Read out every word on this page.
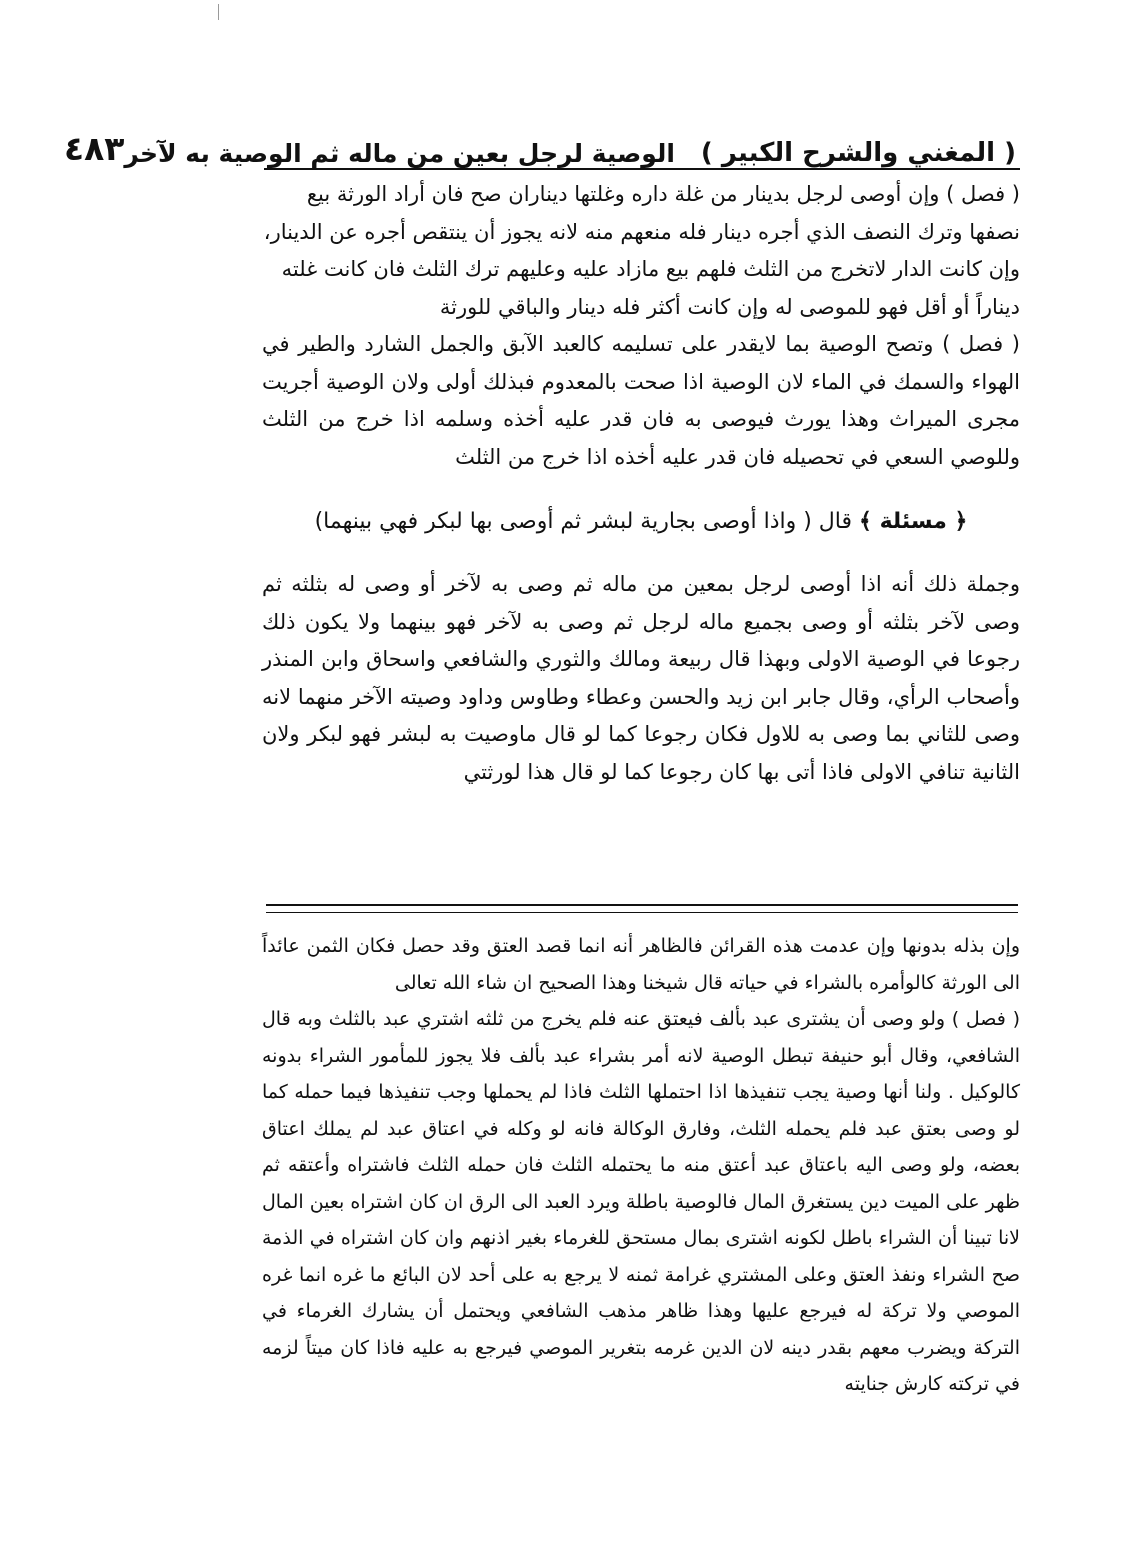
( المغني والشرح الكبير )
الوصية لرجل بعين من ماله ثم الوصية به لآخر
٤٨٣

( فصل ) وإن أوصى لرجل بدينار من غلة داره وغلتها ديناران صح فان أراد الورثة بيع نصفها وترك النصف الذي أجره دينار فله منعهم منه لانه يجوز أن ينتقص أجره عن الدينار، وإن كانت الدار لاتخرج من الثلث فلهم بيع مازاد عليه وعليهم ترك الثلث فان كانت غلته ديناراً أو أقل فهو للموصى له وإن كانت أكثر فله دينار والباقي للورثة

( فصل ) وتصح الوصية بما لايقدر على تسليمه كالعبد الآبق والجمل الشارد والطير في الهواء والسمك في الماء لان الوصية اذا صحت بالمعدوم فبذلك أولى ولان الوصية أجريت مجرى الميراث وهذا يورث فيوصى به فان قدر عليه أخذه وسلمه اذا خرج من الثلث وللوصي السعي في تحصيله فان قدر عليه أخذه اذا خرج من الثلث

﴿ مسئلة ﴾ قال ( واذا أوصى بجارية لبشر ثم أوصى بها لبكر فهي بينهما)

وجملة ذلك أنه اذا أوصى لرجل بمعين من ماله ثم وصى به لآخر أو وصى له بثلثه ثم وصى لآخر بثلثه أو وصى بجميع ماله لرجل ثم وصى به لآخر فهو بينهما ولا يكون ذلك رجوعا في الوصية الاولى وبهذا قال ربيعة ومالك والثوري والشافعي واسحاق وابن المنذر وأصحاب الرأي، وقال جابر ابن زيد والحسن وعطاء وطاوس وداود وصيته الآخر منهما لانه وصى للثاني بما وصى به للاول فكان رجوعا كما لو قال ماوصيت به لبشر فهو لبكر ولان الثانية تنافي الاولى فاذا أتى بها كان رجوعا كما لو قال هذا لورثتي

وإن بذله بدونها وإن عدمت هذه القرائن فالظاهر أنه انما قصد العتق وقد حصل فكان الثمن عائداً الى الورثة كالوأمره بالشراء في حياته قال شيخنا وهذا الصحيح ان شاء الله تعالى

( فصل ) ولو وصى أن يشترى عبد بألف فيعتق عنه فلم يخرج من ثلثه اشتري عبد بالثلث وبه قال الشافعي، وقال أبو حنيفة تبطل الوصية لانه أمر بشراء عبد بألف فلا يجوز للمأمور الشراء بدونه كالوكيل . ولنا أنها وصية يجب تنفيذها اذا احتملها الثلث فاذا لم يحملها وجب تنفيذها فيما حمله كما لو وصى بعتق عبد فلم يحمله الثلث، وفارق الوكالة فانه لو وكله في اعتاق عبد لم يملك اعتاق بعضه، ولو وصى اليه باعتاق عبد أعتق منه ما يحتمله الثلث فان حمله الثلث فاشتراه وأعتقه ثم ظهر على الميت دين يستغرق المال فالوصية باطلة ويرد العبد الى الرق ان كان اشتراه بعين المال لانا تبينا أن الشراء باطل لكونه اشترى بمال مستحق للغرماء بغير اذنهم وان كان اشتراه في الذمة صح الشراء ونفذ العتق وعلى المشتري غرامة ثمنه لا يرجع به على أحد لان البائع ما غره انما غره الموصي ولا تركة له فيرجع عليها وهذا ظاهر مذهب الشافعي ويحتمل أن يشارك الغرماء في التركة ويضرب معهم بقدر دينه لان الدين غرمه بتغرير الموصي فيرجع به عليه فاذا كان ميتاً لزمه في تركته كارش جنايته
